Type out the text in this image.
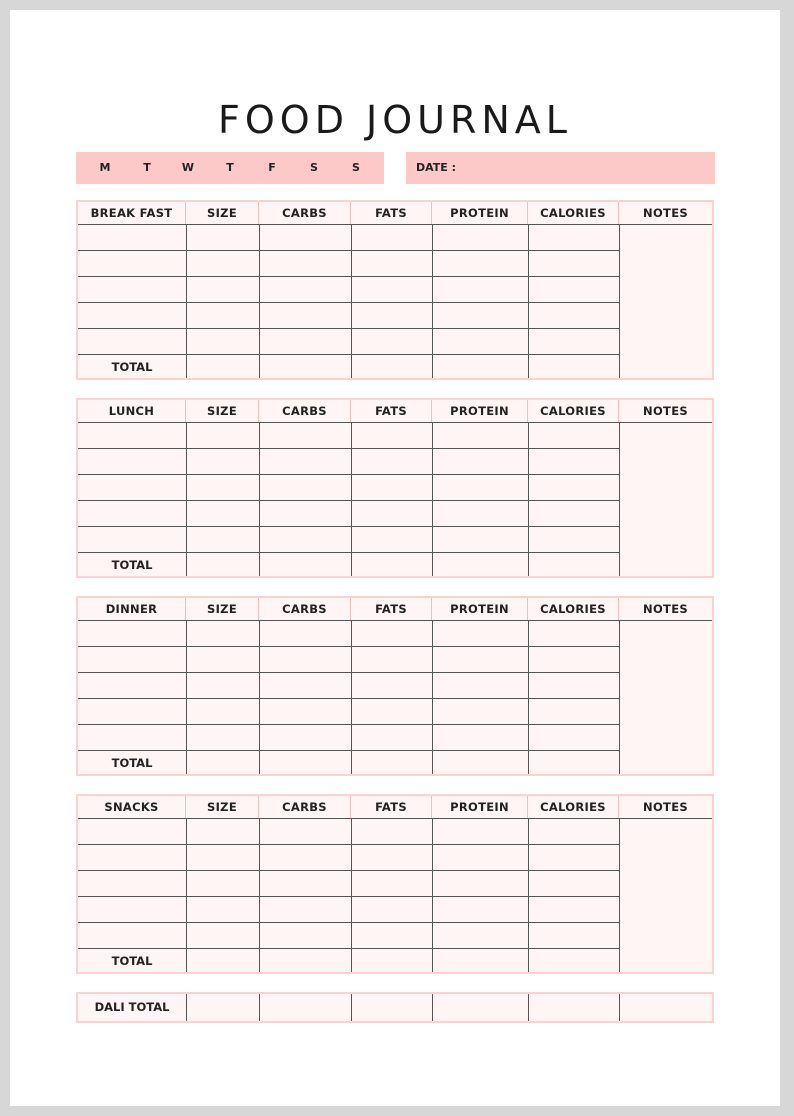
FOOD JOURNAL
M	T	W	T	F	S	S	DATE :
BREAK FAST	SIZE	CARBS	FATS	PROTEIN	CALORIES	NOTES
TOTAL
LUNCH	SIZE	CARBS	FATS	PROTEIN	CALORIES	NOTES
TOTAL
DINNER	SIZE	CARBS	FATS	PROTEIN	CALORIES	NOTES
TOTAL
SNACKS	SIZE	CARBS	FATS	PROTEIN	CALORIES	NOTES
TOTAL
DALI TOTAL
